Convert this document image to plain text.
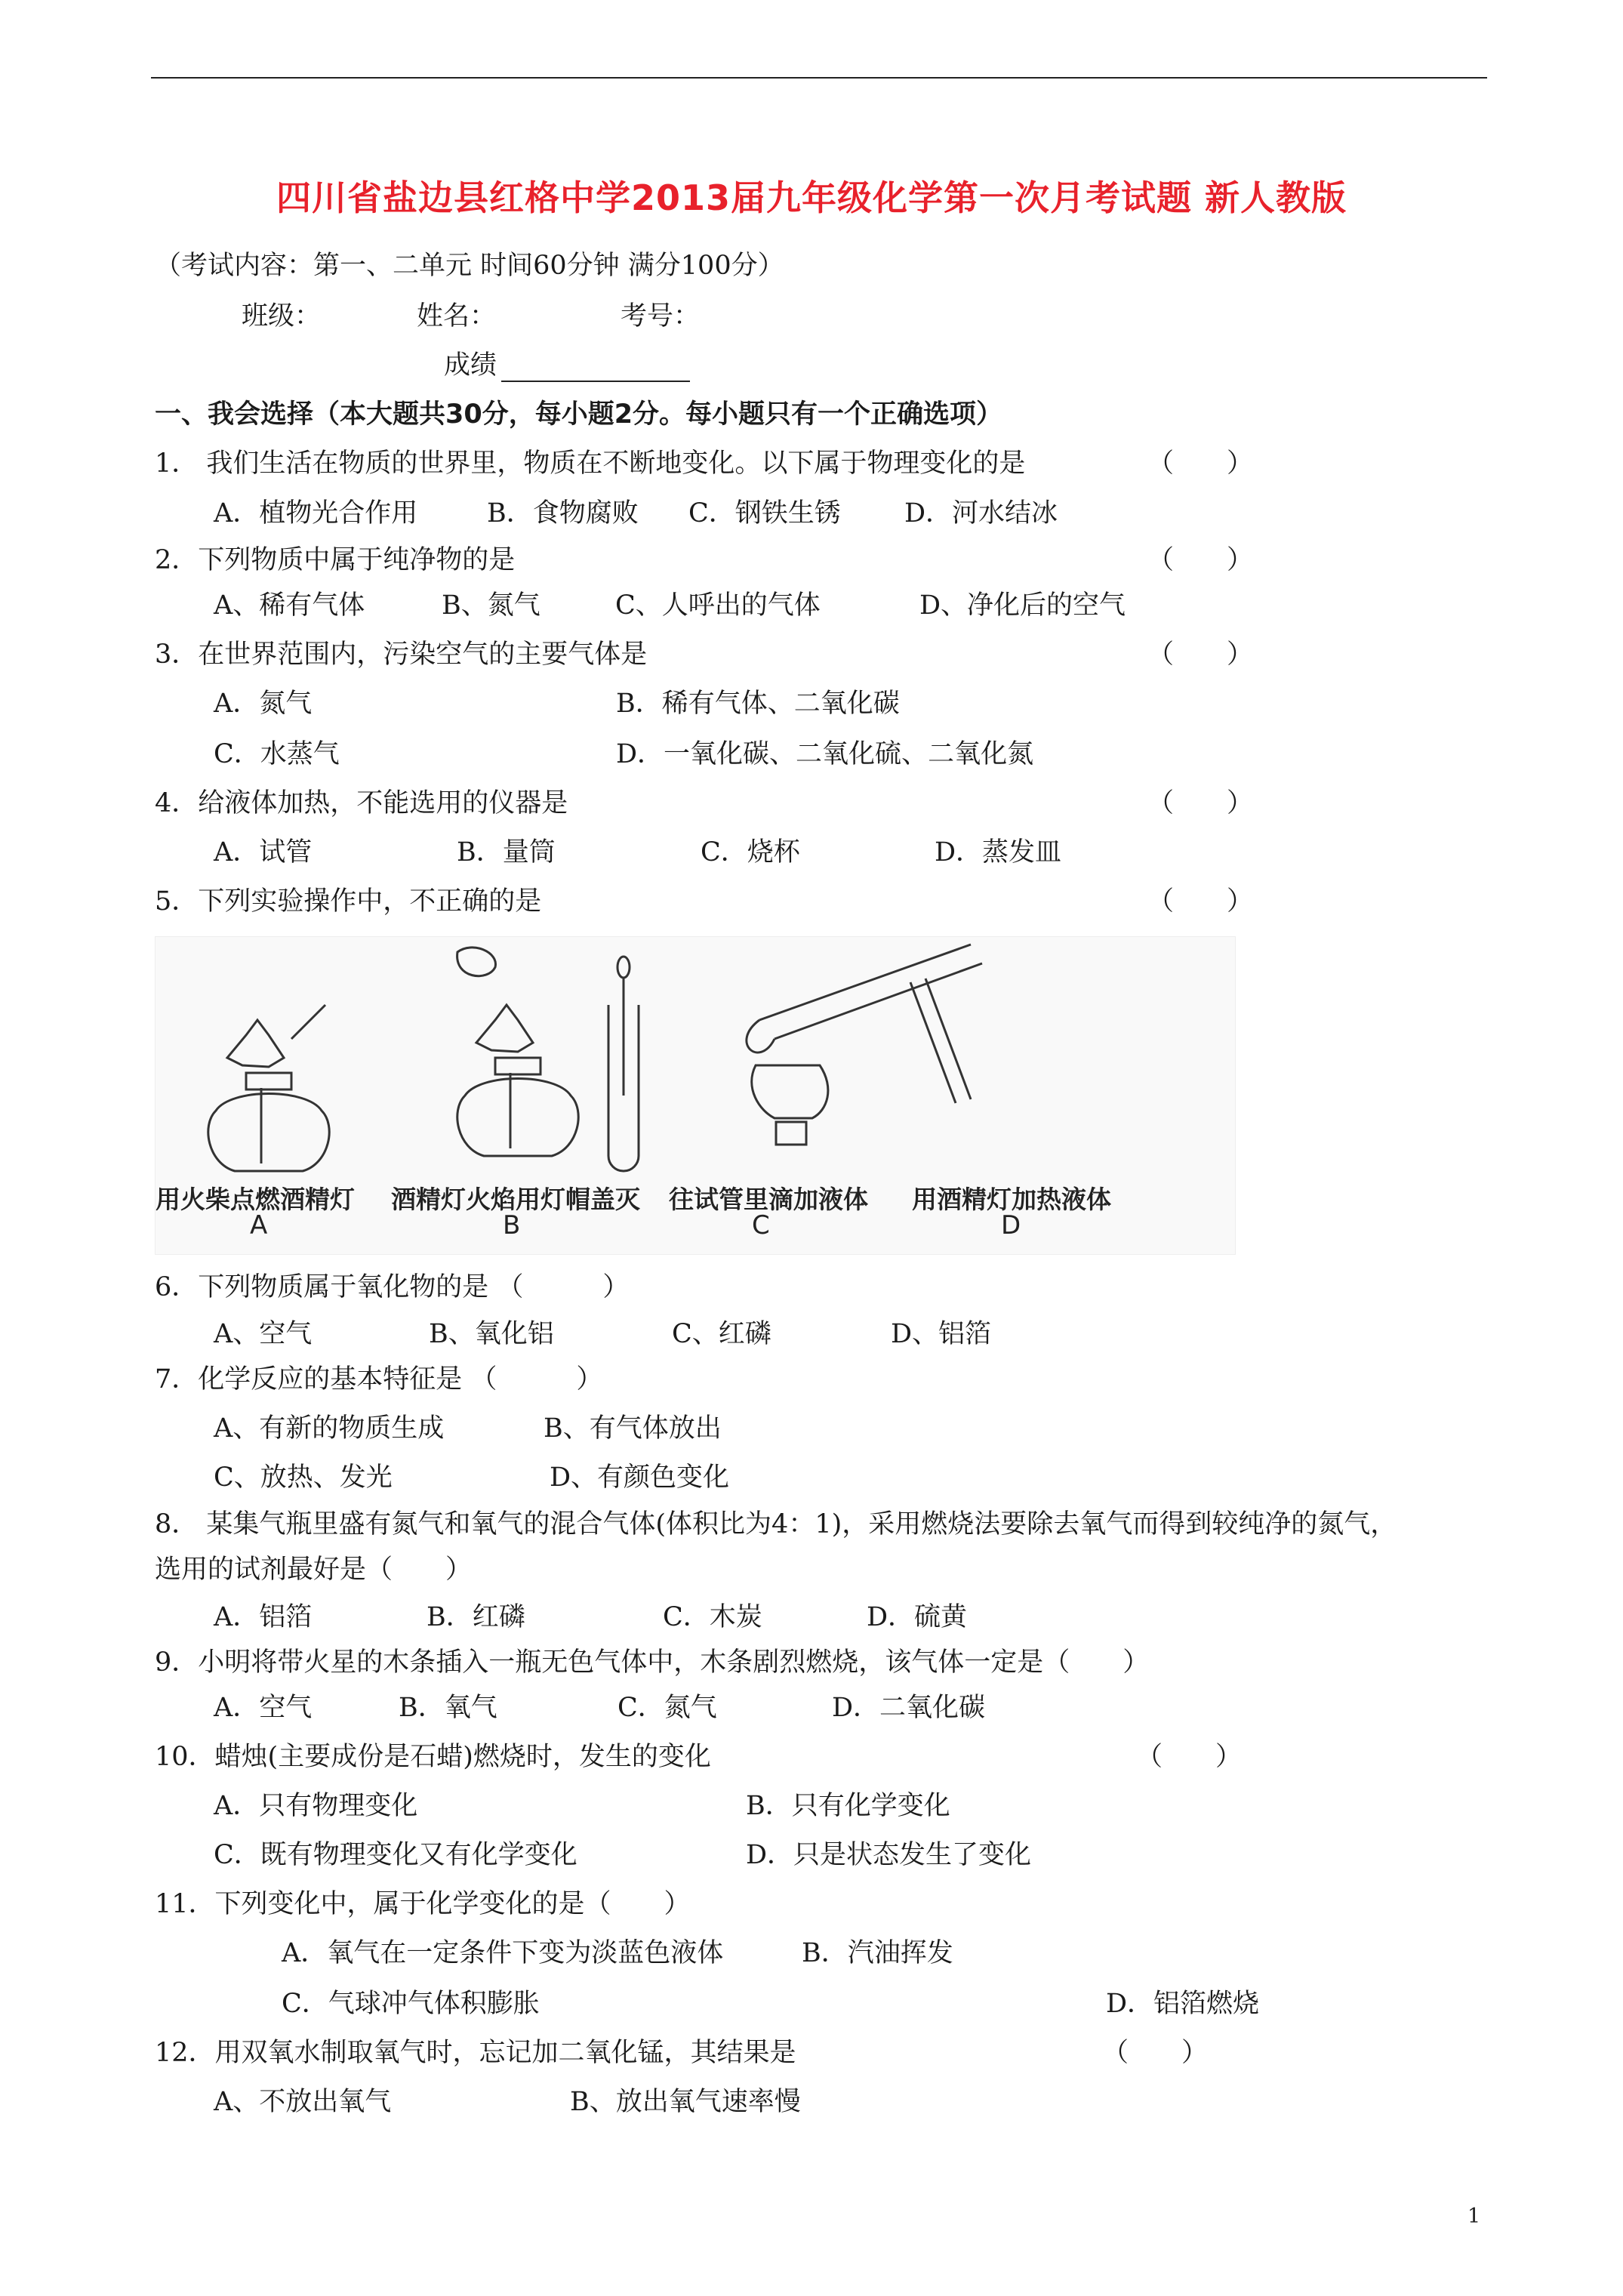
四川省盐边县红格中学2013届九年级化学第一次月考试题 新人教版
（考试内容：第一、二单元 时间60分钟 满分100分）
班级：	姓名：	考号：
成绩
一、我会选择（本大题共30分，每小题2分。每小题只有一个正确选项）
1． 我们生活在物质的世界里，物质在不断地变化。以下属于物理变化的是	（　　）
A．植物光合作用	B．食物腐败 C．钢铁生锈 D．河水结冰
2．下列物质中属于纯净物的是	（　　）
A、稀有气体	B、氮气	C、人呼出的气体	D、净化后的空气
3．在世界范围内，污染空气的主要气体是	（　　）
A．氮气	B．稀有气体、二氧化碳
C．水蒸气	D．一氧化碳、二氧化硫、二氧化氮
4．给液体加热，不能选用的仪器是	（　　）
A．试管	B．量筒	C．烧杯	D．蒸发皿
5．下列实验操作中，不正确的是	（　　）
用火柴点燃酒精灯 酒精灯火焰用灯帽盖灭 往试管里滴加液体 用酒精灯加热液体
A	B	C	D
6．下列物质属于氧化物的是 （　　　）
A、空气	B、氧化铝	C、红磷	D、铝箔
7．化学反应的基本特征是 （　　　）
A、有新的物质生成	B、有气体放出
C、放热、发光	D、有颜色变化
8． 某集气瓶里盛有氮气和氧气的混合气体(体积比为4：1)，采用燃烧法要除去氧气而得到较纯净的氮气，
选用的试剂最好是（　　）
A．铝箔	B．红磷	C．木炭	D．硫黄
9．小明将带火星的木条插入一瓶无色气体中，木条剧烈燃烧，该气体一定是（　　）
A．空气	B．氧气	C．氮气	D．二氧化碳
10．蜡烛(主要成份是石蜡)燃烧时，发生的变化	（　　）
A．只有物理变化	B．只有化学变化
C．既有物理变化又有化学变化	D．只是状态发生了变化
11．下列变化中，属于化学变化的是（　　）
A．氧气在一定条件下变为淡蓝色液体	B．汽油挥发
C．气球冲气体积膨胀	D．铝箔燃烧
12．用双氧水制取氧气时，忘记加二氧化锰，其结果是	（　　）
A、不放出氧气	B、放出氧气速率慢
1
